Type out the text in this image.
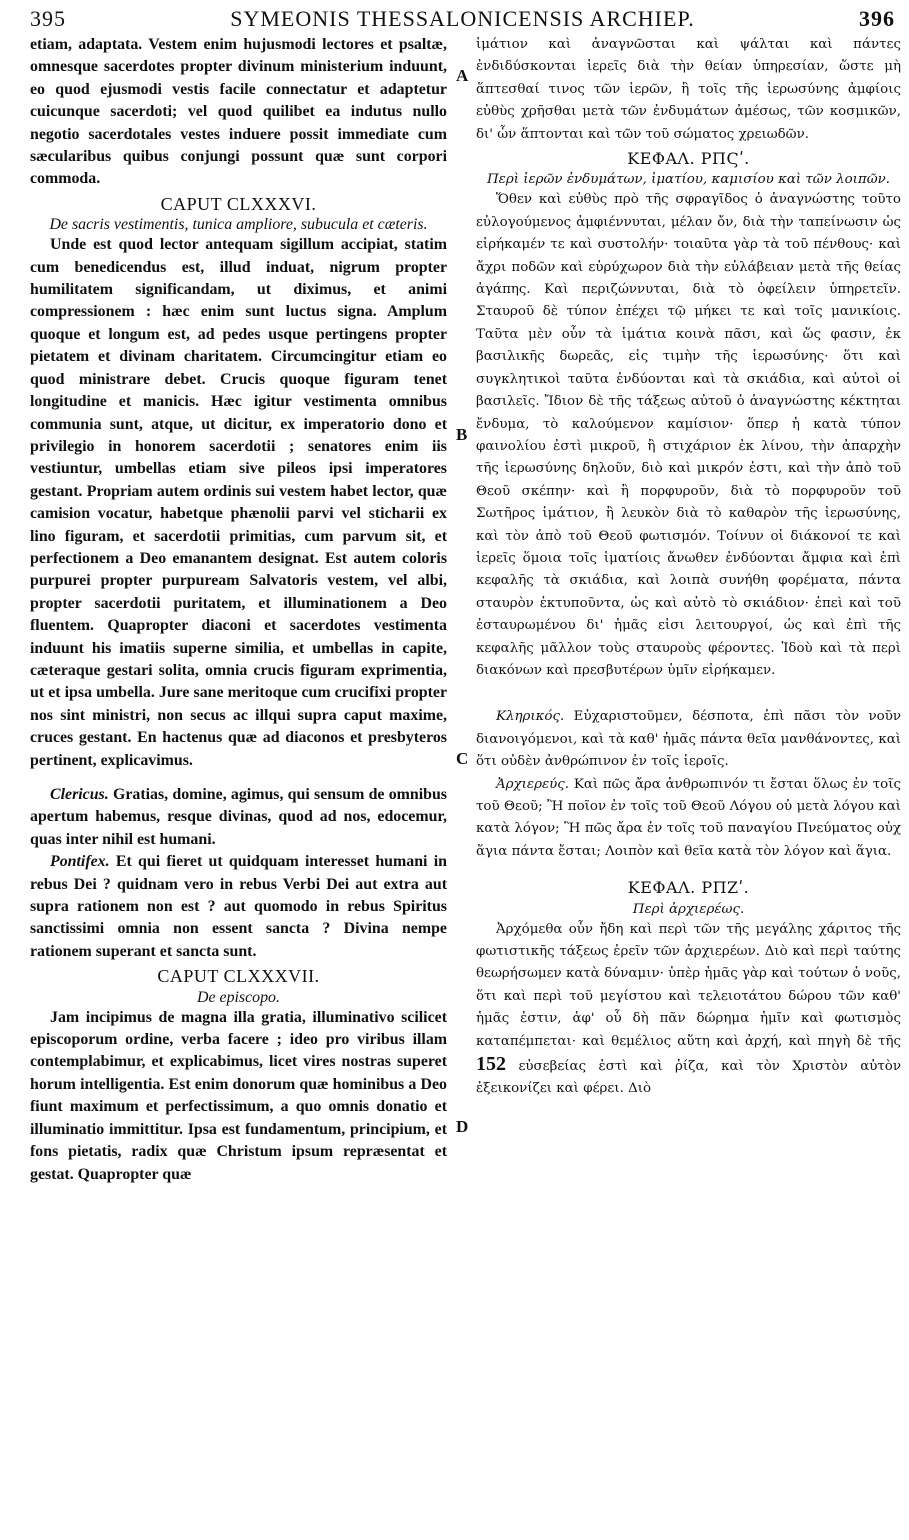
395	SYMEONIS THESSALONICENSIS ARCHIEP.	396

etiam, adaptata. Vestem enim hujusmodi lectores et psaltæ, omnesque sacerdotes propter divinum ministerium induunt, eo quod ejusmodi vestis facile connectatur et adaptetur cuicunque sacerdoti; vel quod quilibet ea indutus nullo negotio sacerdotales vestes induere possit immediate cum sæcularibus quibus conjungi possunt quæ sunt corpori commoda.

CAPUT CLXXXVI.

De sacris vestimentis, tunica ampliore, subucula et cæteris.

Unde est quod lector antequam sigillum accipiat, statim cum benedicendus est, illud induat, nigrum propter humilitatem significandam, ut diximus, et animi compressionem : hæc enim sunt luctus signa. Amplum quoque et longum est, ad pedes usque pertingens propter pietatem et divinam charitatem. Circumcingitur etiam eo quod ministrare debet. Crucis quoque figuram tenet longitudine et manicis. Hæc igitur vestimenta omnibus communia sunt, atque, ut dicitur, ex imperatorio dono et privilegio in honorem sacerdotii ; senatores enim iis vestiuntur, umbellas etiam sive pileos ipsi imperatores gestant. Propriam autem ordinis sui vestem habet lector, quæ camision vocatur, habetque phænolii parvi vel sticharii ex lino figuram, et sacerdotii primitias, cum parvum sit, et perfectionem a Deo emanantem designat. Est autem coloris purpurei propter purpuream Salvatoris vestem, vel albi, propter sacerdotii puritatem, et illuminationem a Deo fluentem. Quapropter diaconi et sacerdotes vestimenta induunt his imatiis superne similia, et umbellas in capite, cæteraque gestari solita, omnia crucis figuram exprimentia, ut et ipsa umbella. Jure sane meritoque cum crucifixi propter nos sint ministri, non secus ac illqui supra caput maxime, cruces gestant. En hactenus quæ ad diaconos et presbyteros pertinent, explicavimus.

Clericus. Gratias, domine, agimus, qui sensum de omnibus apertum habemus, resque divinas, quod ad nos, edocemur, quas inter nihil est humani.

Pontifex. Et qui fieret ut quidquam interesset humani in rebus Dei ? quidnam vero in rebus Verbi Dei aut extra aut supra rationem non est ? aut quomodo in rebus Spiritus sanctissimi omnia non essent sancta ? Divina nempe rationem superant et sancta sunt.

CAPUT CLXXXVII.

De episcopo.

Jam incipimus de magna illa gratia, illuminativo scilicet episcoporum ordine, verba facere ; ideo pro viribus illam contemplabimur, et explicabimus, licet vires nostras superet horum intelligentia. Est enim donorum quæ hominibus a Deo fiunt maximum et perfectissimum, a quo omnis donatio et illuminatio immittitur. Ipsa est fundamentum, principium, et fons pietatis, radix quæ Christum ipsum repræsentat et gestat. Quapropter quæ

A
B
C
D

ἱμάτιον καὶ ἀναγνῶσται καὶ ψάλται καὶ πάντες ἐνδιδύσκονται ἱερεῖς διὰ τὴν θείαν ὑπηρεσίαν, ὥστε μὴ ἅπτεσθαί τινος τῶν ἱερῶν, ἢ τοῖς τῆς ἱερωσύνης ἀμφίοις εὐθὺς χρῆσθαι μετὰ τῶν ἐνδυμάτων ἀμέσως, τῶν κοσμικῶν, δι' ὧν ἅπτονται καὶ τῶν τοῦ σώματος χρειωδῶν.

ΚΕΦΑΛ. ΡΠϚʹ.

Περὶ ἱερῶν ἐνδυμάτων, ἱματίου, καμισίου καὶ τῶν λοιπῶν.

Ὅθεν καὶ εὐθὺς πρὸ τῆς σφραγῖδος ὁ ἀναγνώστης τοῦτο εὐλογούμενος ἀμφιέννυται, μέλαν ὄν, διὰ τὴν ταπείνωσιν ὡς εἰρήκαμέν τε καὶ συστολήν· τοιαῦτα γὰρ τὰ τοῦ πένθους· καὶ ἄχρι ποδῶν καὶ εὐρύχωρον διὰ τὴν εὐλάβειαν μετὰ τῆς θείας ἀγάπης. Καὶ περιζώννυται, διὰ τὸ ὀφείλειν ὑπηρετεῖν. Σταυροῦ δὲ τύπον ἐπέχει τῷ μήκει τε καὶ τοῖς μανικίοις. Ταῦτα μὲν οὖν τὰ ἱμάτια κοινὰ πᾶσι, καὶ ὥς φασιν, ἐκ βασιλικῆς δωρεᾶς, εἰς τιμὴν τῆς ἱερωσύνης· ὅτι καὶ συγκλητικοὶ ταῦτα ἐνδύονται καὶ τὰ σκιάδια, καὶ αὐτοὶ οἱ βασιλεῖς. Ἴδιον δὲ τῆς τάξεως αὐτοῦ ὁ ἀναγνώστης κέκτηται ἔνδυμα, τὸ καλούμενον καμίσιον· ὅπερ ἡ κατὰ τύπον φαινολίου ἐστὶ μικροῦ, ἢ στιχάριον ἐκ λίνου, τὴν ἀπαρχὴν τῆς ἱερωσύνης δηλοῦν, διὸ καὶ μικρόν ἐστι, καὶ τὴν ἀπὸ τοῦ Θεοῦ σκέπην· καὶ ἢ πορφυροῦν, διὰ τὸ πορφυροῦν τοῦ Σωτῆρος ἱμάτιον, ἢ λευκὸν διὰ τὸ καθαρὸν τῆς ἱερωσύνης, καὶ τὸν ἀπὸ τοῦ Θεοῦ φωτισμόν. Τοίνυν οἱ διάκονοί τε καὶ ἱερεῖς ὅμοια τοῖς ἱματίοις ἄνωθεν ἐνδύονται ἄμφια καὶ ἐπὶ κεφαλῆς τὰ σκιάδια, καὶ λοιπὰ συνήθη φορέματα, πάντα σταυρὸν ἐκτυποῦντα, ὡς καὶ αὐτὸ τὸ σκιάδιον· ἐπεὶ καὶ τοῦ ἐσταυρωμένου δι' ἡμᾶς εἰσι λειτουργοί, ὡς καὶ ἐπὶ τῆς κεφαλῆς μᾶλλον τοὺς σταυροὺς φέροντες. Ἰδοὺ καὶ τὰ περὶ διακόνων καὶ πρεσβυτέρων ὑμῖν εἰρήκαμεν.

Κληρικός. Εὐχαριστοῦμεν, δέσποτα, ἐπὶ πᾶσι τὸν νοῦν διανοιγόμενοι, καὶ τὰ καθ' ἡμᾶς πάντα θεῖα μανθάνοντες, καὶ ὅτι οὐδὲν ἀνθρώπινον ἐν τοῖς ἱεροῖς.

Ἀρχιερεύς. Καὶ πῶς ἄρα ἀνθρωπινόν τι ἔσται ὅλως ἐν τοῖς τοῦ Θεοῦ; Ἢ ποῖον ἐν τοῖς τοῦ Θεοῦ Λόγου οὐ μετὰ λόγου καὶ κατὰ λόγον; Ἢ πῶς ἄρα ἐν τοῖς τοῦ παναγίου Πνεύματος οὐχ ἅγια πάντα ἔσται; Λοιπὸν καὶ θεῖα κατὰ τὸν λόγον καὶ ἅγια.

ΚΕΦΑΛ. ΡΠΖʹ.

Περὶ ἀρχιερέως.

Ἀρχόμεθα οὖν ἤδη καὶ περὶ τῶν τῆς μεγάλης χάριτος τῆς φωτιστικῆς τάξεως ἐρεῖν τῶν ἀρχιερέων. Διὸ καὶ περὶ ταύτης θεωρήσωμεν κατὰ δύναμιν· ὑπὲρ ἡμᾶς γὰρ καὶ τούτων ὁ νοῦς, ὅτι καὶ περὶ τοῦ μεγίστου καὶ τελειοτάτου δώρου τῶν καθ' ἡμᾶς ἐστιν, ἀφ' οὗ δὴ πᾶν δώρημα ἡμῖν καὶ φωτισμὸς καταπέμπεται· καὶ θεμέλιος αὕτη καὶ ἀρχή, καὶ πηγὴ δὲ τῆς 152 εὐσεβείας ἐστὶ καὶ ῥίζα, καὶ τὸν Χριστὸν αὐτὸν ἐξεικονίζει καὶ φέρει. Διὸ
